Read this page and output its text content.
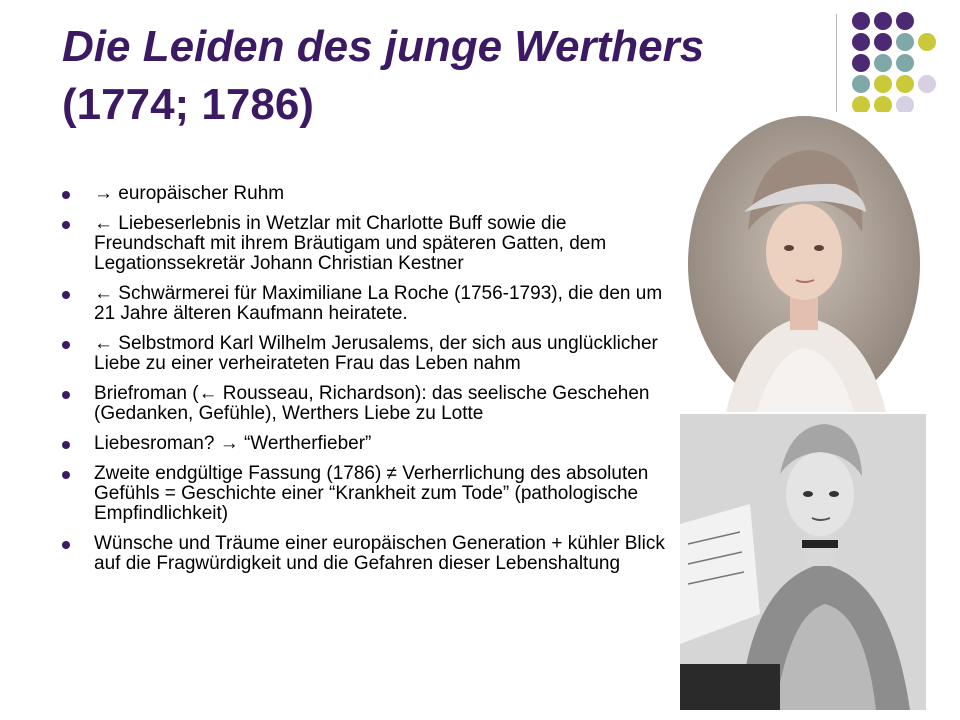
Die Leiden des junge Werthers
(1774; 1786)
→ europäischer Ruhm
← Liebeserlebnis in Wetzlar mit Charlotte Buff sowie die Freundschaft mit ihrem Bräutigam und späteren Gatten, dem Legationssekretär Johann Christian Kestner
← Schwärmerei für Maximiliane La Roche (1756-1793), die den um 21 Jahre älteren Kaufmann heiratete.
← Selbstmord Karl Wilhelm Jerusalems, der sich aus unglücklicher Liebe zu einer verheirateten Frau das Leben nahm
Briefroman (← Rousseau, Richardson): das seelische Geschehen (Gedanken, Gefühle), Werthers Liebe zu Lotte
Liebesroman? → “Wertherfieber”
Zweite endgültige Fassung (1786) ≠ Verherrlichung des absoluten Gefühls = Geschichte einer “Krankheit zum Tode” (pathologische Empfindlichkeit)
Wünsche und Träume einer europäischen Generation + kühler Blick auf die Fragwürdigkeit und die Gefahren dieser Lebenshaltung
